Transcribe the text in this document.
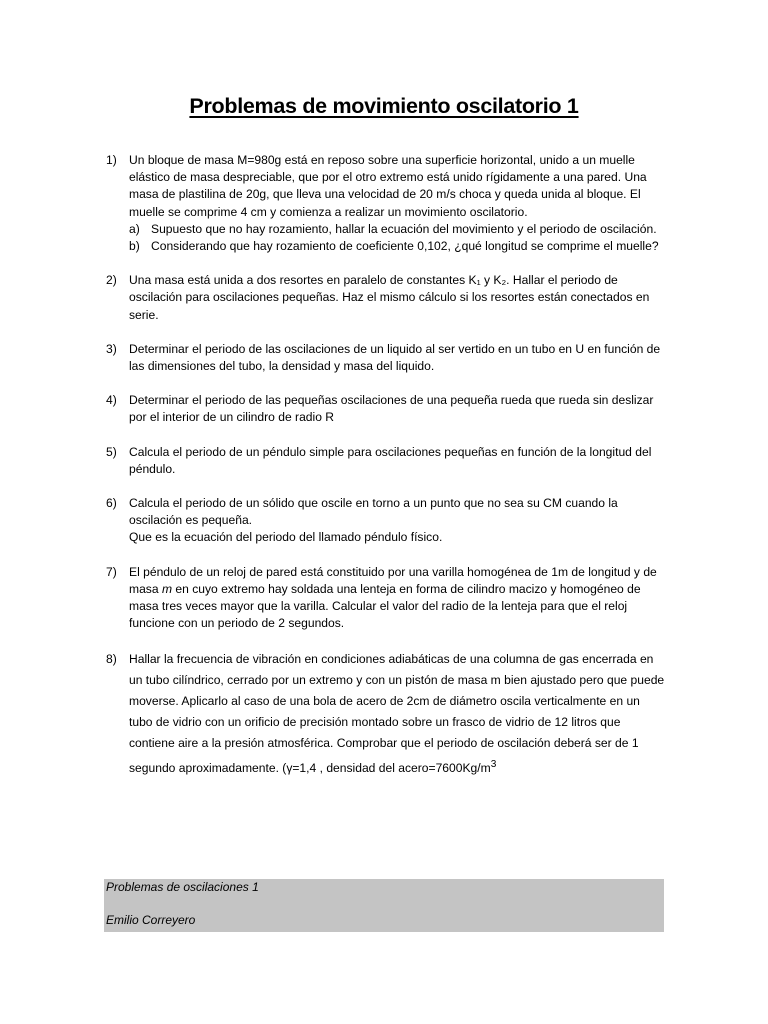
Problemas de movimiento oscilatorio 1
1)	Un bloque de masa M=980g está en reposo sobre una superficie horizontal, unido a un muelle elástico de masa despreciable, que por el otro extremo está unido rígidamente a una pared. Una masa de plastilina de 20g, que lleva una velocidad de 20 m/s choca y queda unida al bloque. El muelle se comprime 4 cm y comienza a realizar un movimiento oscilatorio.
a) Supuesto que no hay rozamiento, hallar la ecuación del movimiento y el periodo de oscilación.
b) Considerando que hay rozamiento de coeficiente 0,102, ¿qué longitud se comprime el muelle?
2)	Una masa está unida a dos resortes en paralelo de constantes K₁ y K₂. Hallar el periodo de oscilación para oscilaciones pequeñas. Haz el mismo cálculo si los resortes están conectados en serie.
3)	Determinar el periodo de las oscilaciones de un liquido al ser vertido en un tubo en U en función de las dimensiones del tubo, la densidad y masa del liquido.
4)	Determinar el periodo de las pequeñas oscilaciones de una pequeña rueda que rueda sin deslizar por el interior de un cilindro de radio R
5)	Calcula el periodo de un péndulo simple para oscilaciones pequeñas en función de la longitud del péndulo.
6)	Calcula el periodo de un sólido que oscile en torno a un punto que no sea su CM cuando la oscilación es pequeña.
Que es la ecuación del periodo del llamado péndulo físico.
7)	El péndulo de un reloj de pared está constituido por una varilla homogénea de 1m de longitud y de masa m en cuyo extremo hay soldada una lenteja en forma de cilindro macizo y homogéneo de masa tres veces mayor que la varilla. Calcular el valor del radio de la lenteja para que el reloj funcione con un periodo de 2 segundos.
8)	Hallar la frecuencia de vibración en condiciones adiabáticas de una columna de gas encerrada en un tubo cilíndrico, cerrado por un extremo y con un pistón de masa m bien ajustado pero que puede moverse. Aplicarlo al caso de una bola de acero de 2cm de diámetro oscila verticalmente en un tubo de vidrio con un orificio de precisión montado sobre un frasco de vidrio de 12 litros que contiene aire a la presión atmosférica. Comprobar que el periodo de oscilación deberá ser de 1 segundo aproximadamente. (γ=1,4 , densidad del $acero=7600Kg/m^3$
Problemas de oscilaciones 1
Emilio Correyero
